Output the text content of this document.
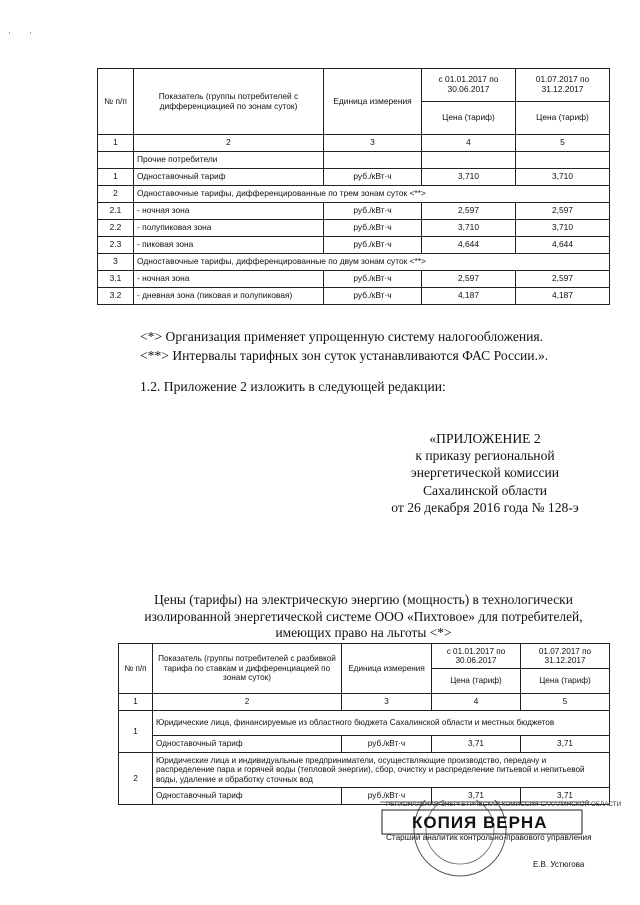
·        ·
№ п/п	Показатель (группы потребителей с дифференциацией по зонам суток)	Единица измерения	с 01.01.2017 по 30.06.2017	01.07.2017 по 31.12.2017
			Цена (тариф)	Цена (тариф)
1	2	3	4	5
	Прочие потребители			
1	Одноставочный тариф	руб./кВт·ч	3,710	3,710
2	Одноставочные тарифы, дифференцированные по трем зонам суток <**>			
2.1	- ночная зона	руб./кВт·ч	2,597	2,597
2.2	- полупиковая зона	руб./кВт·ч	3,710	3,710
2.3	- пиковая зона	руб./кВт·ч	4,644	4,644
3	Одноставочные тарифы, дифференцированные по двум зонам суток <**>			
3.1	- ночная зона	руб./кВт·ч	2,597	2,597
3.2	- дневная зона (пиковая и полупиковая)	руб./кВт·ч	4,187	4,187
<*> Организация применяет упрощенную систему налогообложения.
<**> Интервалы тарифных зон суток устанавливаются ФАС России.».
1.2. Приложение 2 изложить в следующей редакции:
«ПРИЛОЖЕНИЕ 2
к приказу региональной
энергетической комиссии
Сахалинской области
от 26 декабря 2016 года № 128-э
Цены (тарифы) на электрическую энергию (мощность) в технологически
изолированной энергетической системе ООО «Пихтовое» для потребителей,
имеющих право на льготы <*>
№ п/п	Показатель (группы потребителей с разбивкой тарифа по ставкам и дифференциацией по зонам суток)	Единица измерения	с 01.01.2017 по 30.06.2017	01.07.2017 по 31.12.2017
			Цена (тариф)	Цена (тариф)
1	2	3	4	5
1	Юридические лица, финансируемые из областного бюджета Сахалинской области и местных бюджетов			
	Одноставочный тариф	руб./кВт·ч	3,71	3,71
2	Юридические лица и индивидуальные предприниматели, осуществляющие производство, передачу и распределение пара и горячей воды (тепловой энергии), сбор, очистку и распределение питьевой и непитьевой воды, удаление и обработку сточных вод			
	Одноставочный тариф	руб./кВт·ч	3,71	3,71
РЕГИОНАЛЬНАЯ ЭНЕРГЕТИЧЕСКАЯ КОМИССИЯ САХАЛИНСКОЙ ОБЛАСТИ
КОПИЯ ВЕРНА
Старший аналитик контрольно-правового управления
Е.В. Устюгова
